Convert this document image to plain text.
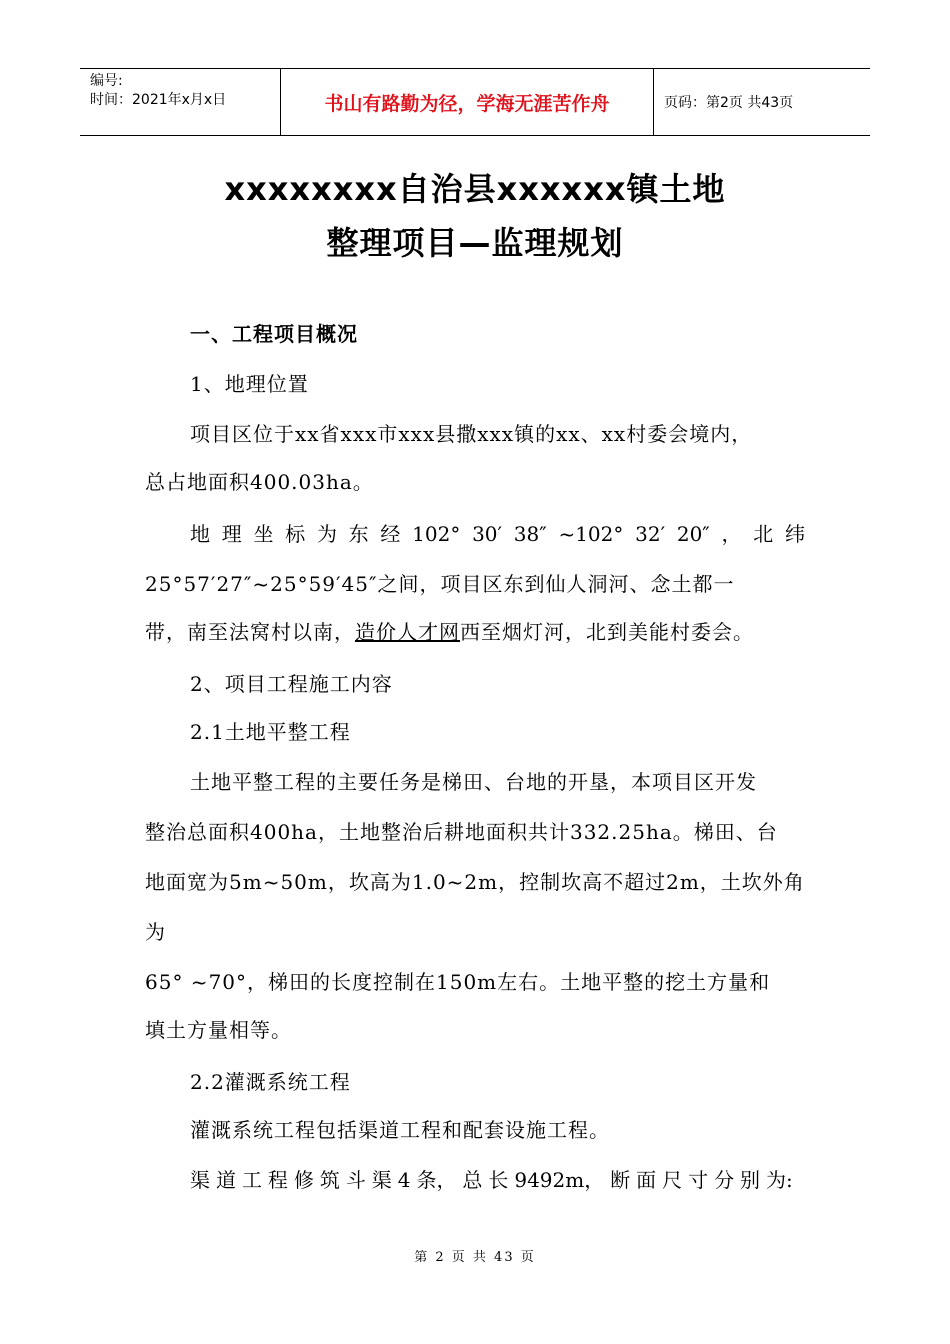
编号:
时间：2021年x月x日	书山有路勤为径，学海无涯苦作舟	页码：第2页 共43页
xxxxxxxx自治县xxxxxx镇土地
整理项目—监理规划
一、工程项目概况
1、地理位置
项目区位于xx省xxx市xxx县撒xxx镇的xx、xx村委会境内，
总占地面积400.03ha。
地 理 坐 标 为 东 经 102° 30′ 38″ ~102° 32′ 20″ ， 北 纬
25°57′27″~25°59′45″之间，项目区东到仙人洞河、念土都一
带，南至法窝村以南，造价人才网西至烟灯河，北到美能村委会。
2、项目工程施工内容
2.1土地平整工程
土地平整工程的主要任务是梯田、台地的开垦，本项目区开发
整治总面积400ha，土地整治后耕地面积共计332.25ha。梯田、台
地面宽为5m~50m，坎高为1.0~2m，控制坎高不超过2m，土坎外角
为
65° ~70°，梯田的长度控制在150m左右。土地平整的挖土方量和
填土方量相等。
2.2灌溉系统工程
灌溉系统工程包括渠道工程和配套设施工程。
渠 道 工 程 修 筑 斗 渠 4 条， 总 长 9492m， 断 面 尺 寸 分 别 为:
第 2 页 共 43 页
